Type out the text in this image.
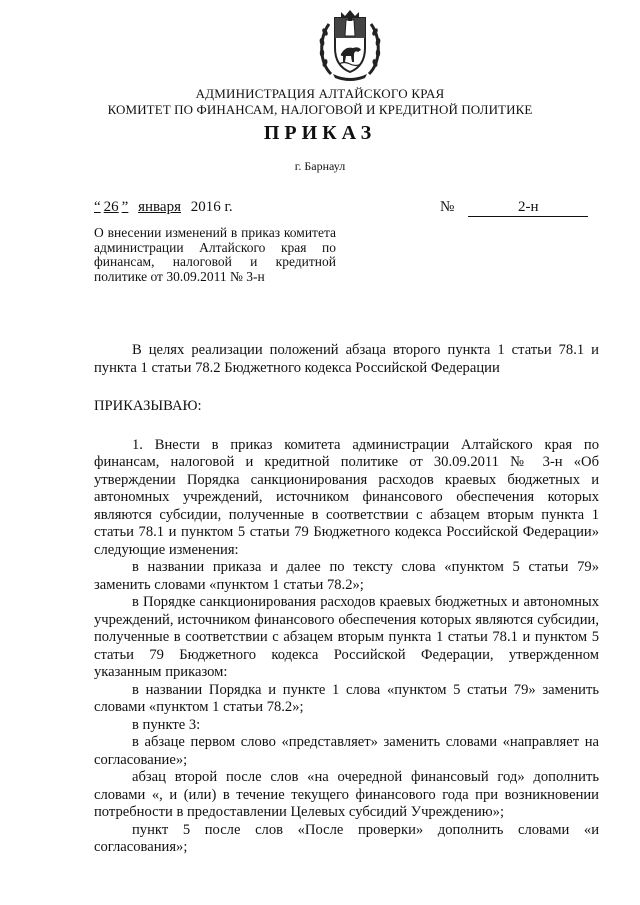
АДМИНИСТРАЦИЯ АЛТАЙСКОГО КРАЯ
КОМИТЕТ ПО ФИНАНСАМ, НАЛОГОВОЙ И КРЕДИТНОЙ ПОЛИТИКЕ
ПРИКАЗ
г. Барнаул
“ 26 ” января 2016 г.	№	2-н
О внесении изменений в приказ комитета администрации Алтайского края по финансам, налоговой и кредитной политике от 30.09.2011 № 3-н

В целях реализации положений абзаца второго пункта 1 статьи 78.1 и пункта 1 статьи 78.2 Бюджетного кодекса Российской Федерации

ПРИКАЗЫВАЮ:

1. Внести в приказ комитета администрации Алтайского края по финансам, налоговой и кредитной политике от 30.09.2011 № 3-н «Об утверждении Порядка санкционирования расходов краевых бюджетных и автономных учреждений, источником финансового обеспечения которых являются субсидии, полученные в соответствии с абзацем вторым пункта 1 статьи 78.1 и пунктом 5 статьи 79 Бюджетного кодекса Российской Федерации» следующие изменения:

в названии приказа и далее по тексту слова «пунктом 5 статьи 79» заменить словами «пунктом 1 статьи 78.2»;

в Порядке санкционирования расходов краевых бюджетных и автономных учреждений, источником финансового обеспечения которых являются субсидии, полученные в соответствии с абзацем вторым пункта 1 статьи 78.1 и пунктом 5 статьи 79 Бюджетного кодекса Российской Федерации, утвержденном указанным приказом:

в названии Порядка и пункте 1 слова «пунктом 5 статьи 79» заменить словами «пунктом 1 статьи 78.2»;

в пункте 3:

в абзаце первом слово «представляет» заменить словами «направляет на согласование»;

абзац второй после слов «на очередной финансовый год» дополнить словами «, и (или) в течение текущего финансового года при возникновении потребности в предоставлении Целевых субсидий Учреждению»;

пункт 5 после слов «После проверки» дополнить словами «и согласования»;
